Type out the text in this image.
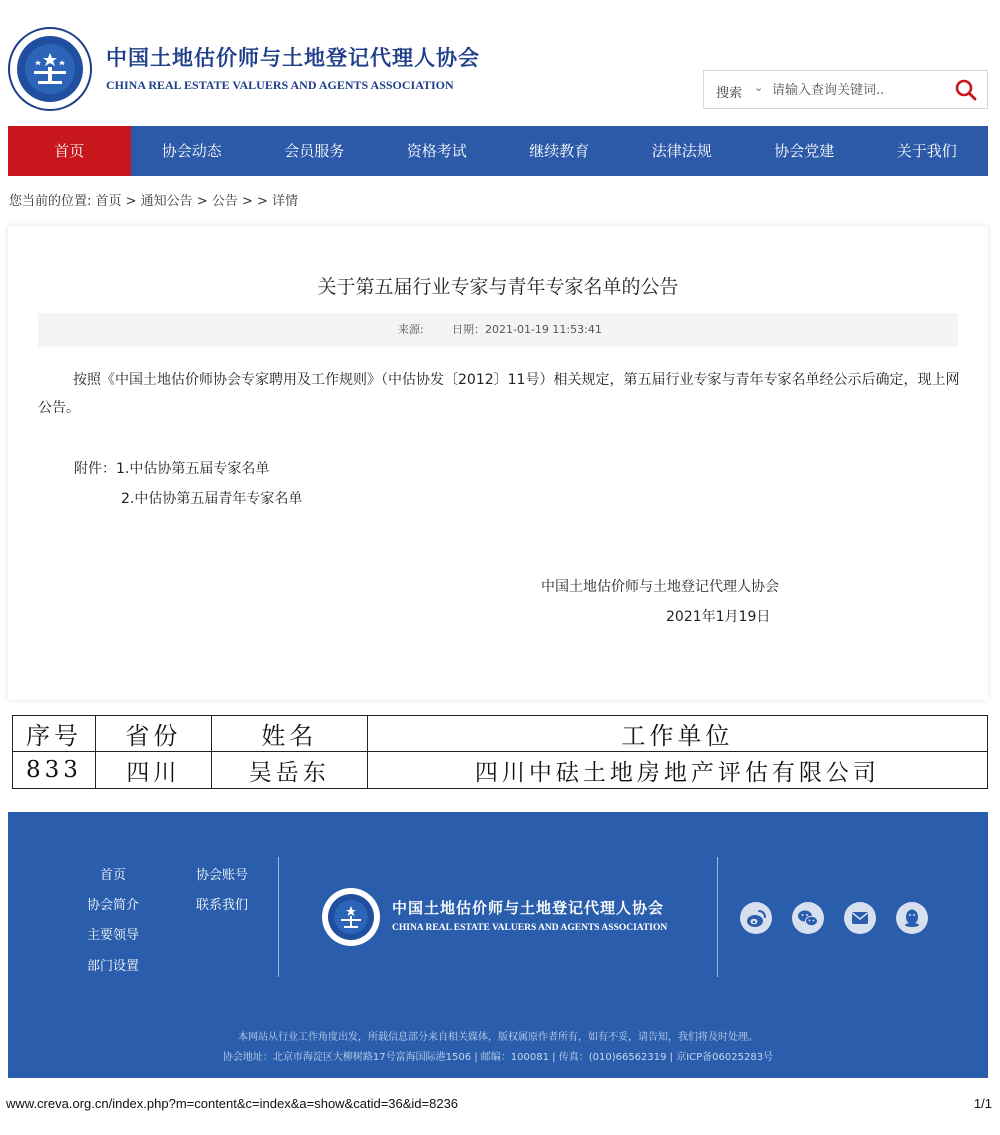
中国土地估价师与土地登记代理人协会
CHINA REAL ESTATE VALUERS AND AGENTS ASSOCIATION
搜索 ⌄
请输入查询关键词..
首页	协会动态	会员服务	资格考试	继续教育	法律法规	协会党建	关于我们
您当前的位置: 首页 > 通知公告 > 公告 > > 详情
关于第五届行业专家与青年专家名单的公告
来源:	日期：2021-01-19 11:53:41
按照《中国土地估价师协会专家聘用及工作规则》（中估协发〔2012〕11号）相关规定，第五届行业专家与青年专家名单经公示后确定，现上网公告。
附件：1.中估协第五届专家名单
2.中估协第五届青年专家名单
中国土地估价师与土地登记代理人协会
2021年1月19日
序号	省份	姓名	工作单位
833	四川	吴岳东	四川中砝土地房地产评估有限公司
首页	协会账号
协会简介	联系我们
主要领导
部门设置
中国土地估价师与土地登记代理人协会
CHINA REAL ESTATE VALUERS AND AGENTS ASSOCIATION
本网站从行业工作角度出发，所载信息部分来自相关媒体，版权属原作者所有，如有不妥，请告知，我们将及时处理。
协会地址：北京市海淀区大柳树路17号富海国际港1506 | 邮编：100081 | 传真：(010)66562319 | 京ICP备06025283号
www.creva.org.cn/index.php?m=content&c=index&a=show&catid=36&id=8236	1/1
